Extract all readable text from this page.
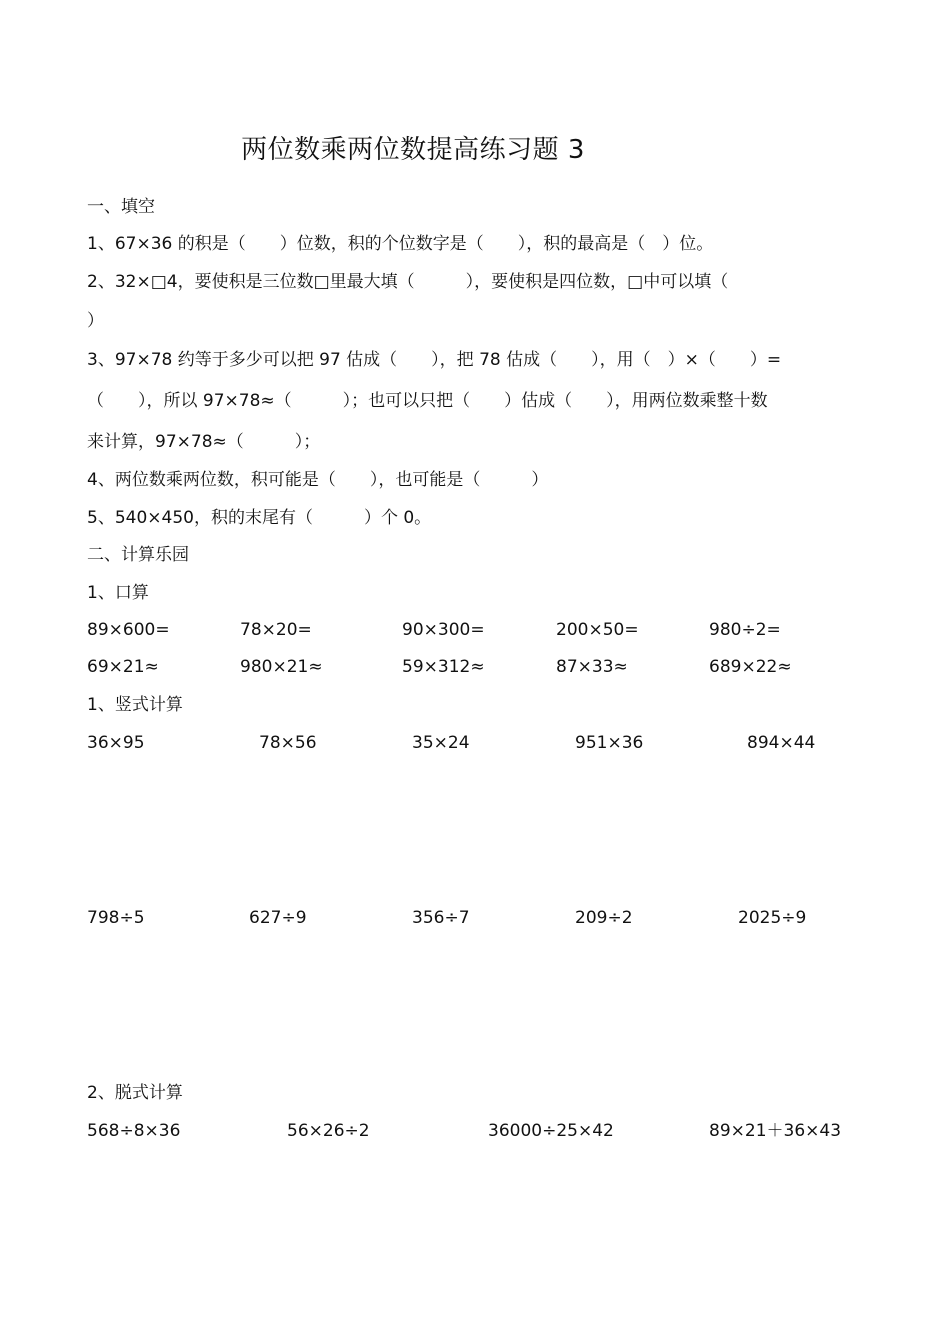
两位数乘两位数提高练习题 3
一、填空
1、67×36 的积是（　　）位数，积的个位数字是（　　），积的最高是（　）位。
2、32×□4，要使积是三位数□里最大填（　　　），要使积是四位数，□中可以填（
）
3、97×78 约等于多少可以把 97 估成（　　），把 78 估成（　　），用（　）×（　　）=
（　　），所以 97×78≈（　　　）；也可以只把（　　）估成（　　），用两位数乘整十数
来计算，97×78≈（　　　）；
4、两位数乘两位数，积可能是（　　），也可能是（　　　）
5、540×450，积的末尾有（　　　）个 0。
二、计算乐园
1、口算
89×600=	78×20=	90×300=	200×50=	980÷2=
69×21≈	980×21≈	59×312≈	87×33≈	689×22≈
1、竖式计算
36×95	78×56	35×24	951×36	894×44
798÷5	627÷9	356÷7	209÷2	2025÷9
2、脱式计算
568÷8×36	56×26÷2	36000÷25×42	89×21＋36×43
